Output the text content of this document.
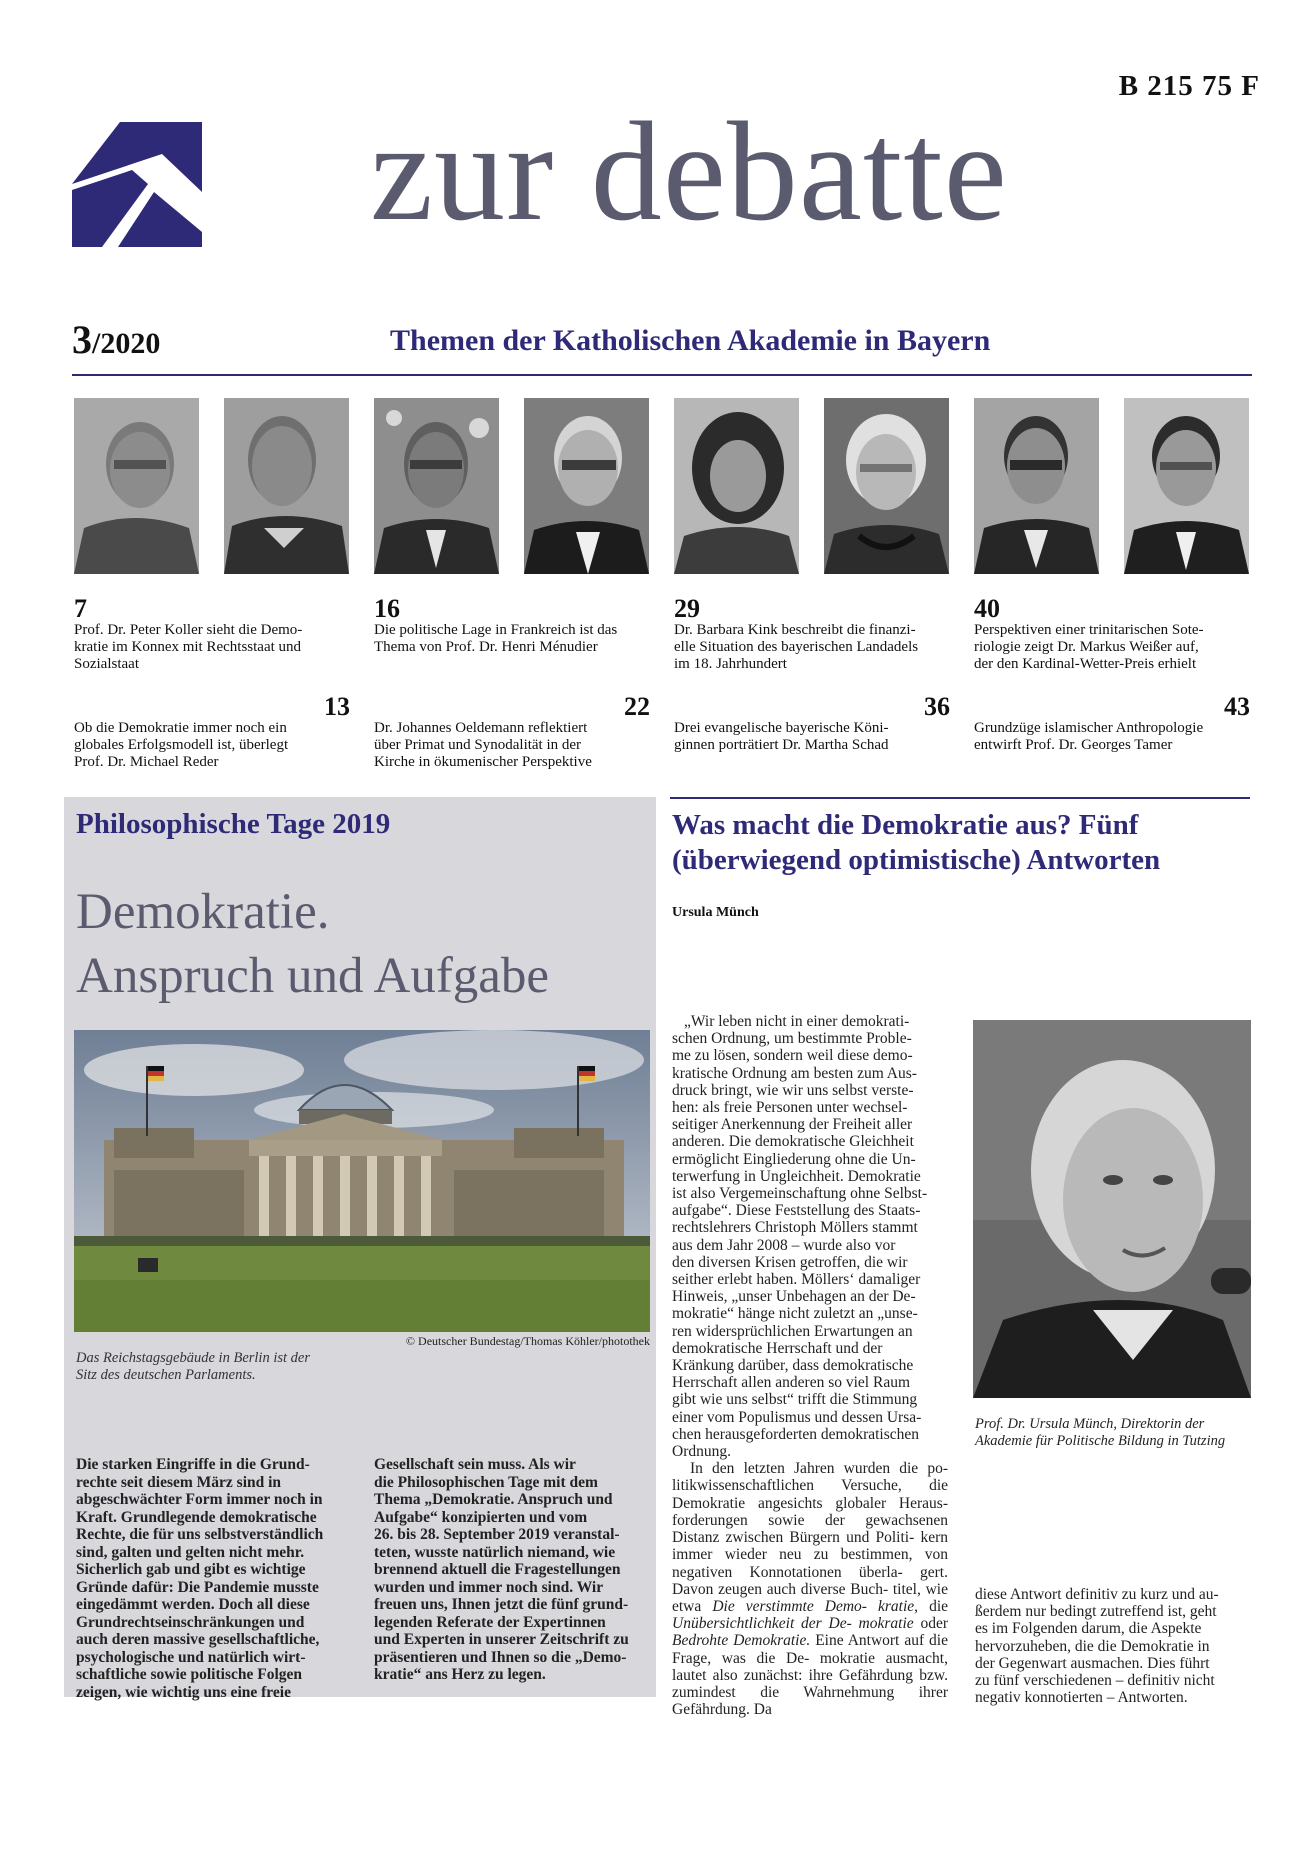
B 215 75 F
zur debatte
3/2020	Themen der Katholischen Akademie in Bayern
7
Prof. Dr. Peter Koller sieht die Demo-
kratie im Konnex mit Rechtsstaat und
Sozialstaat
16
Die politische Lage in Frankreich ist das
Thema von Prof. Dr. Henri Ménudier
29
Dr. Barbara Kink beschreibt die finanzi-
elle Situation des bayerischen Landadels
im 18. Jahrhundert
40
Perspektiven einer trinitarischen Sote-
riologie zeigt Dr. Markus Weißer auf,
der den Kardinal-Wetter-Preis erhielt
13
Ob die Demokratie immer noch ein
globales Erfolgsmodell ist, überlegt
Prof. Dr. Michael Reder
22
Dr. Johannes Oeldemann reflektiert
über Primat und Synodalität in der
Kirche in ökumenischer Perspektive
36
Drei evangelische bayerische Köni-
ginnen porträtiert Dr. Martha Schad
43
Grundzüge islamischer Anthropologie
entwirft Prof. Dr. Georges Tamer
Philosophische Tage 2019
Demokratie.
Anspruch und Aufgabe
© Deutscher Bundestag/Thomas Köhler/photothek
Das Reichstagsgebäude in Berlin ist der
Sitz des deutschen Parlaments.
Die starken Eingriffe in die Grund-
rechte seit diesem März sind in
abgeschwächter Form immer noch in
Kraft. Grundlegende demokratische
Rechte, die für uns selbstverständlich
sind, galten und gelten nicht mehr.
Sicherlich gab und gibt es wichtige
Gründe dafür: Die Pandemie musste
eingedämmt werden. Doch all diese
Grundrechtseinschränkungen und
auch deren massive gesellschaftliche,
psychologische und natürlich wirt-
schaftliche sowie politische Folgen
zeigen, wie wichtig uns eine freie
Gesellschaft sein muss. Als wir
die Philosophischen Tage mit dem
Thema „Demokratie. Anspruch und
Aufgabe“ konzipierten und vom
26. bis 28. September 2019 veranstal-
teten, wusste natürlich niemand, wie
brennend aktuell die Fragestellungen
wurden und immer noch sind. Wir
freuen uns, Ihnen jetzt die fünf grund-
legenden Referate der Expertinnen
und Experten in unserer Zeitschrift zu
präsentieren und Ihnen so die „Demo-
kratie“ ans Herz zu legen.
Was macht die Demokratie aus? Fünf
(überwiegend optimistische) Antworten
Ursula Münch
„Wir leben nicht in einer demokrati-
schen Ordnung, um bestimmte Proble-
me zu lösen, sondern weil diese demo-
kratische Ordnung am besten zum Aus-
druck bringt, wie wir uns selbst verste-
hen: als freie Personen unter wechsel-
seitiger Anerkennung der Freiheit aller
anderen. Die demokratische Gleichheit
ermöglicht Eingliederung ohne die Un-
terwerfung in Ungleichheit. Demokratie
ist also Vergemeinschaftung ohne Selbst-
aufgabe“. Diese Feststellung des Staats-
rechtslehrers Christoph Möllers stammt
aus dem Jahr 2008 – wurde also vor
den diversen Krisen getroffen, die wir
seither erlebt haben. Möllers‘ damaliger
Hinweis, „unser Unbehagen an der De-
mokratie“ hänge nicht zuletzt an „unse-
ren widersprüchlichen Erwartungen an
demokratische Herrschaft und der
Kränkung darüber, dass demokratische
Herrschaft allen anderen so viel Raum
gibt wie uns selbst“ trifft die Stimmung
einer vom Populismus und dessen Ursa-
chen herausgeforderten demokratischen
Ordnung.

In den letzten Jahren wurden die po- litikwissenschaftlichen Versuche, die Demokratie angesichts globaler Heraus- forderungen sowie der gewachsenen Distanz zwischen Bürgern und Politi- kern immer wieder neu zu bestimmen, von negativen Konnotationen überla- gert. Davon zeugen auch diverse Buch- titel, wie etwa Die verstimmte Demo- kratie, die Unübersichtlichkeit der De- mokratie oder Bedrohte Demokratie. Eine Antwort auf die Frage, was die De- mokratie ausmacht, lautet also zunächst: ihre Gefährdung bzw. zumindest die Wahrnehmung ihrer Gefährdung. Da

Prof. Dr. Ursula Münch, Direktorin der Akademie für Politische Bildung in Tutzing
diese Antwort definitiv zu kurz und au-
ßerdem nur bedingt zutreffend ist, geht
es im Folgenden darum, die Aspekte
hervorzuheben, die die Demokratie in
der Gegenwart ausmachen. Dies führt
zu fünf verschiedenen – definitiv nicht
negativ konnotierten – Antworten.
